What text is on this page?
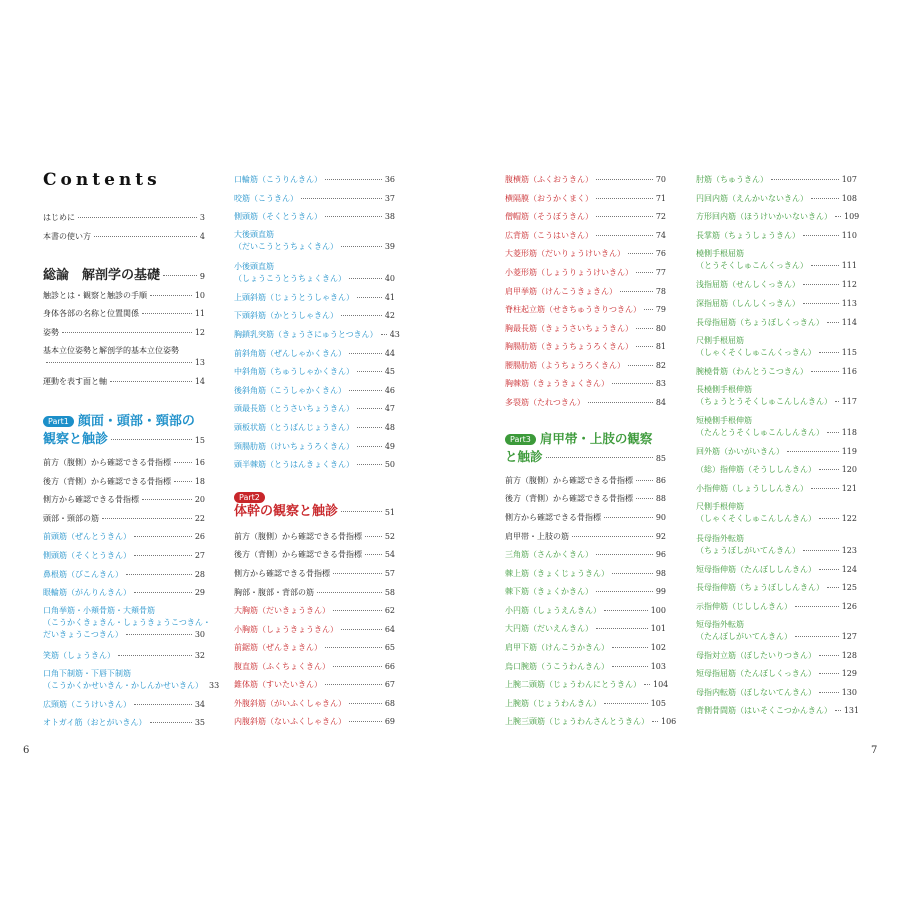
Contents
はじめに	3
本書の使い方	4
総論　解剖学の基礎	9
触診とは・観察と触診の手順	10
身体各部の名称と位置関係	11
姿勢	12
基本立位姿勢と解剖学的基本立位姿勢
13
運動を表す面と軸	14
Part1 顔面・頭部・頸部の
観察と触診	15
前方（腹側）から確認できる骨指標	16
後方（背側）から確認できる骨指標	18
側方から確認できる骨指標	20
頭部・頸部の筋	22
前頭筋（ぜんとうきん）	26
側頭筋（そくとうきん）	27
鼻根筋（びこんきん）	28
眼輪筋（がんりんきん）	29
口角挙筋・小頬骨筋・大頬骨筋
（こうかくきょきん・しょうきょうこつきん・
だいきょうこつきん）	30
笑筋（しょうきん）	32
口角下制筋・下唇下制筋
（こうかくかせいきん・かしんかせいきん） 33
広頸筋（こうけいきん）	34
オトガイ筋（おとがいきん）	35
口輪筋（こうりんきん）	36
咬筋（こうきん）	37
側頭筋（そくとうきん）	38
大後頭直筋
（だいこうとうちょくきん）	39
小後頭直筋
（しょうこうとうちょくきん）	40
上頭斜筋（じょうとうしゃきん）	41
下頭斜筋（かとうしゃきん）	42
胸鎖乳突筋（きょうさにゅうとつきん） 43
前斜角筋（ぜんしゃかくきん）	44
中斜角筋（ちゅうしゃかくきん）	45
後斜角筋（こうしゃかくきん）	46
頭最長筋（とうさいちょうきん）	47
頭板状筋（とうばんじょうきん）	48
頸腸肋筋（けいちょうろくきん）	49
頭半棘筋（とうはんきょくきん）	50
Part2
体幹の観察と触診	51
前方（腹側）から確認できる骨指標	52
後方（背側）から確認できる骨指標	54
側方から確認できる骨指標	57
胸部・腹部・背部の筋	58
大胸筋（だいきょうきん）	62
小胸筋（しょうきょうきん）	64
前鋸筋（ぜんきょきん）	65
腹直筋（ふくちょくきん）	66
錐体筋（すいたいきん）	67
外腹斜筋（がいふくしゃきん）	68
内腹斜筋（ないふくしゃきん）	69
腹横筋（ふくおうきん）	70
横隔膜（おうかくまく）	71
僧帽筋（そうぼうきん）	72
広背筋（こうはいきん）	74
大菱形筋（だいりょうけいきん）	76
小菱形筋（しょうりょうけいきん）	77
肩甲挙筋（けんこうきょきん）	78
脊柱起立筋（せきちゅうきりつきん） 79
胸最長筋（きょうさいちょうきん）	80
胸腸肋筋（きょうちょうろくきん）	81
腰腸肋筋（ようちょうろくきん）	82
胸棘筋（きょうきょくきん）	83
多裂筋（たれつきん）	84
Part3 肩甲帯・上肢の観察
と触診	85
前方（腹側）から確認できる骨指標	86
後方（背側）から確認できる骨指標	88
側方から確認できる骨指標	90
肩甲帯・上肢の筋	92
三角筋（さんかくきん）	96
棘上筋（きょくじょうきん）	98
棘下筋（きょくかきん）	99
小円筋（しょうえんきん）	100
大円筋（だいえんきん）	101
肩甲下筋（けんこうかきん）	102
烏口腕筋（うこうわんきん）	103
上腕二頭筋（じょうわんにとうきん） 104
上腕筋（じょうわんきん）	105
上腕三頭筋（じょうわんさんとうきん） 106
肘筋（ちゅうきん）	107
円回内筋（えんかいないきん）	108
方形回内筋（ほうけいかいないきん） 109
長掌筋（ちょうしょうきん）	110
橈側手根屈筋
（とうそくしゅこんくっきん）	111
浅指屈筋（せんしくっきん）	112
深指屈筋（しんしくっきん）	113
長母指屈筋（ちょうぼしくっきん） 114
尺側手根屈筋
（しゃくそくしゅこんくっきん）	115
腕橈骨筋（わんとうこつきん）	116
長橈側手根伸筋
（ちょうとうそくしゅこんしんきん） 117
短橈側手根伸筋
（たんとうそくしゅこんしんきん） 118
回外筋（かいがいきん）	119
（総）指伸筋（そうししんきん）	120
小指伸筋（しょうししんきん）	121
尺側手根伸筋
（しゃくそくしゅこんしんきん）	122
長母指外転筋
（ちょうぼしがいてんきん）	123
短母指伸筋（たんぼししんきん）	124
長母指伸筋（ちょうぼししんきん） 125
示指伸筋（じししんきん）	126
短母指外転筋
（たんぼしがいてんきん）	127
母指対立筋（ぼしたいりつきん）	128
短母指屈筋（たんぼしくっきん）	129
母指内転筋（ぼしないてんきん）	130
背側骨間筋（はいそくこつかんきん） 131
6	7
